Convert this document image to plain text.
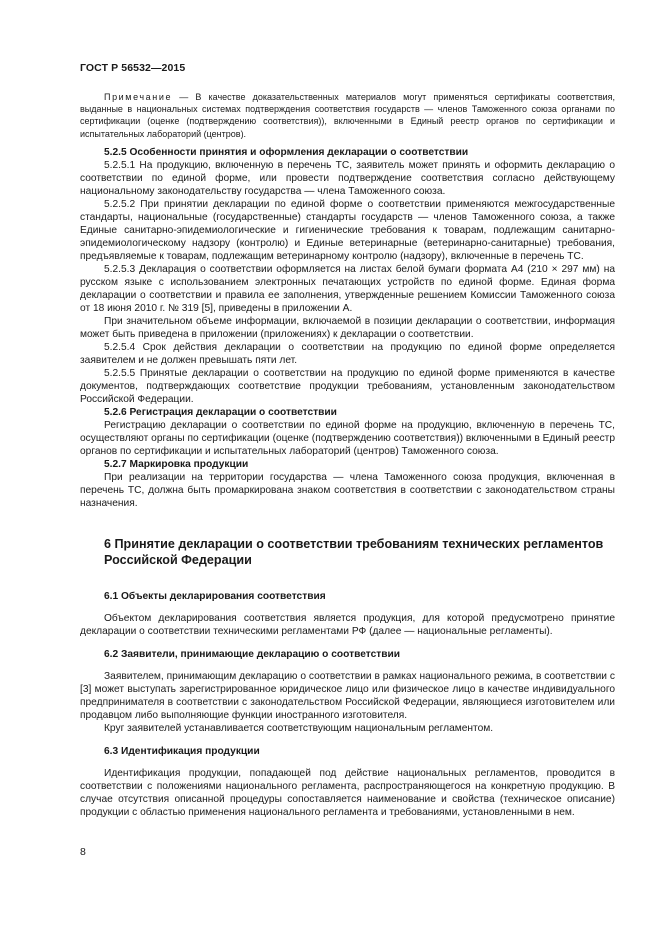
ГОСТ Р 56532—2015

Примечание — В качестве доказательственных материалов могут применяться сертификаты соответствия, выданные в национальных системах подтверждения соответствия государств — членов Таможенного союза органами по сертификации (оценке (подтверждению соответствия)), включенными в Единый реестр органов по сертификации и испытательных лабораторий (центров).

5.2.5 Особенности принятия и оформления декларации о соответствии

5.2.5.1 На продукцию, включенную в перечень ТС, заявитель может принять и оформить декларацию о соответствии по единой форме, или провести подтверждение соответствия согласно действующему национальному законодательству государства — члена Таможенного союза.

5.2.5.2 При принятии декларации по единой форме о соответствии применяются межгосударственные стандарты, национальные (государственные) стандарты государств — членов Таможенного союза, а также Единые санитарно-эпидемиологические и гигиенические требования к товарам, подлежащим санитарно-эпидемиологическому надзору (контролю) и Единые ветеринарные (ветеринарно-санитарные) требования, предъявляемые к товарам, подлежащим ветеринарному контролю (надзору), включенные в перечень ТС.

5.2.5.3 Декларация о соответствии оформляется на листах белой бумаги формата А4 (210 × 297 мм) на русском языке с использованием электронных печатающих устройств по единой форме. Единая форма декларации о соответствии и правила ее заполнения, утвержденные решением Комиссии Таможенного союза от 18 июня 2010 г. № 319 [5], приведены в приложении А.

При значительном объеме информации, включаемой в позиции декларации о соответствии, информация может быть приведена в приложении (приложениях) к декларации о соответствии.

5.2.5.4 Срок действия декларации о соответствии на продукцию по единой форме определяется заявителем и не должен превышать пяти лет.

5.2.5.5 Принятые декларации о соответствии на продукцию по единой форме применяются в качестве документов, подтверждающих соответствие продукции требованиям, установленным законодательством Российской Федерации.

5.2.6 Регистрация декларации о соответствии

Регистрацию декларации о соответствии по единой форме на продукцию, включенную в перечень ТС, осуществляют органы по сертификации (оценке (подтверждению соответствия)) включенными в Единый реестр органов по сертификации и испытательных лабораторий (центров) Таможенного союза.

5.2.7 Маркировка продукции

При реализации на территории государства — члена Таможенного союза продукция, включенная в перечень ТС, должна быть промаркирована знаком соответствия в соответствии с законодательством страны назначения.

6 Принятие декларации о соответствии требованиям технических регламентов Российской Федерации

6.1 Объекты декларирования соответствия

Объектом декларирования соответствия является продукция, для которой предусмотрено принятие декларации о соответствии техническими регламентами РФ (далее — национальные регламенты).

6.2 Заявители, принимающие декларацию о соответствии

Заявителем, принимающим декларацию о соответствии в рамках национального режима, в соответствии с [3] может выступать зарегистрированное юридическое лицо или физическое лицо в качестве индивидуального предпринимателя в соответствии с законодательством Российской Федерации, являющиеся изготовителем или продавцом либо выполняющие функции иностранного изготовителя.

Круг заявителей устанавливается соответствующим национальным регламентом.

6.3 Идентификация продукции

Идентификация продукции, попадающей под действие национальных регламентов, проводится в соответствии с положениями национального регламента, распространяющегося на конкретную продукцию. В случае отсутствия описанной процедуры сопоставляется наименование и свойства (техническое описание) продукции с областью применения национального регламента и требованиями, установленными в нем.

8
